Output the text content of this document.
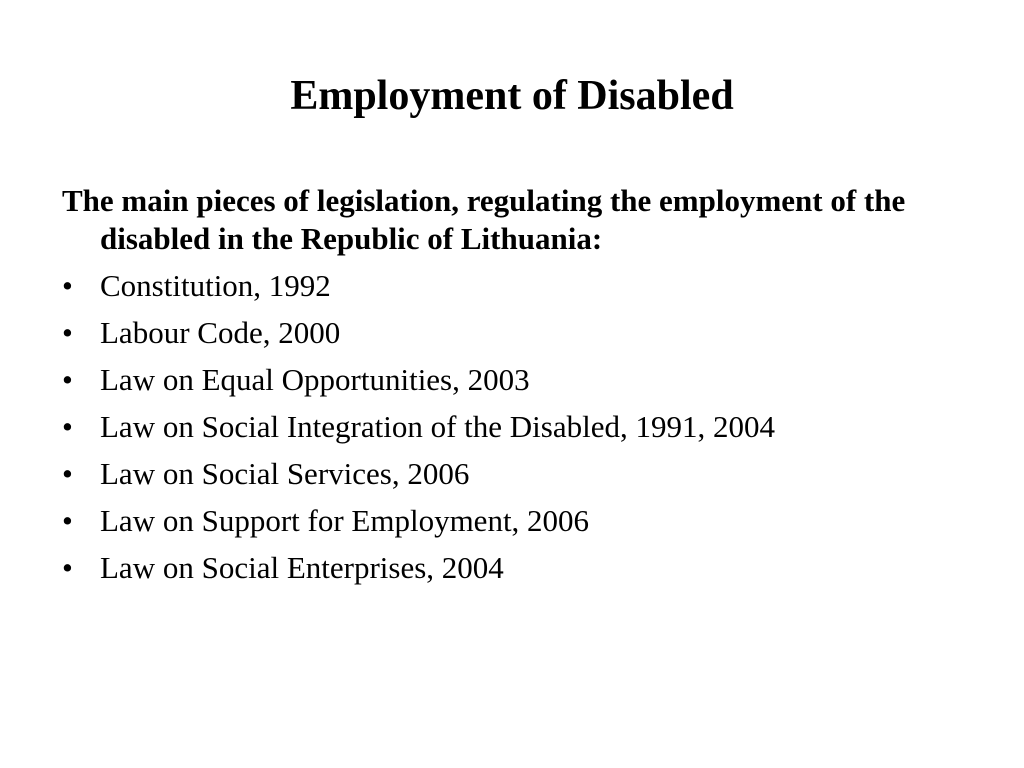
Employment of Disabled

The main pieces of legislation, regulating the employment of the disabled in the Republic of Lithuania:

• Constitution, 1992
• Labour Code, 2000
• Law on Equal Opportunities, 2003
• Law on Social Integration of the Disabled, 1991, 2004
• Law on Social Services, 2006
• Law on Support for Employment, 2006
• Law on Social Enterprises, 2004
